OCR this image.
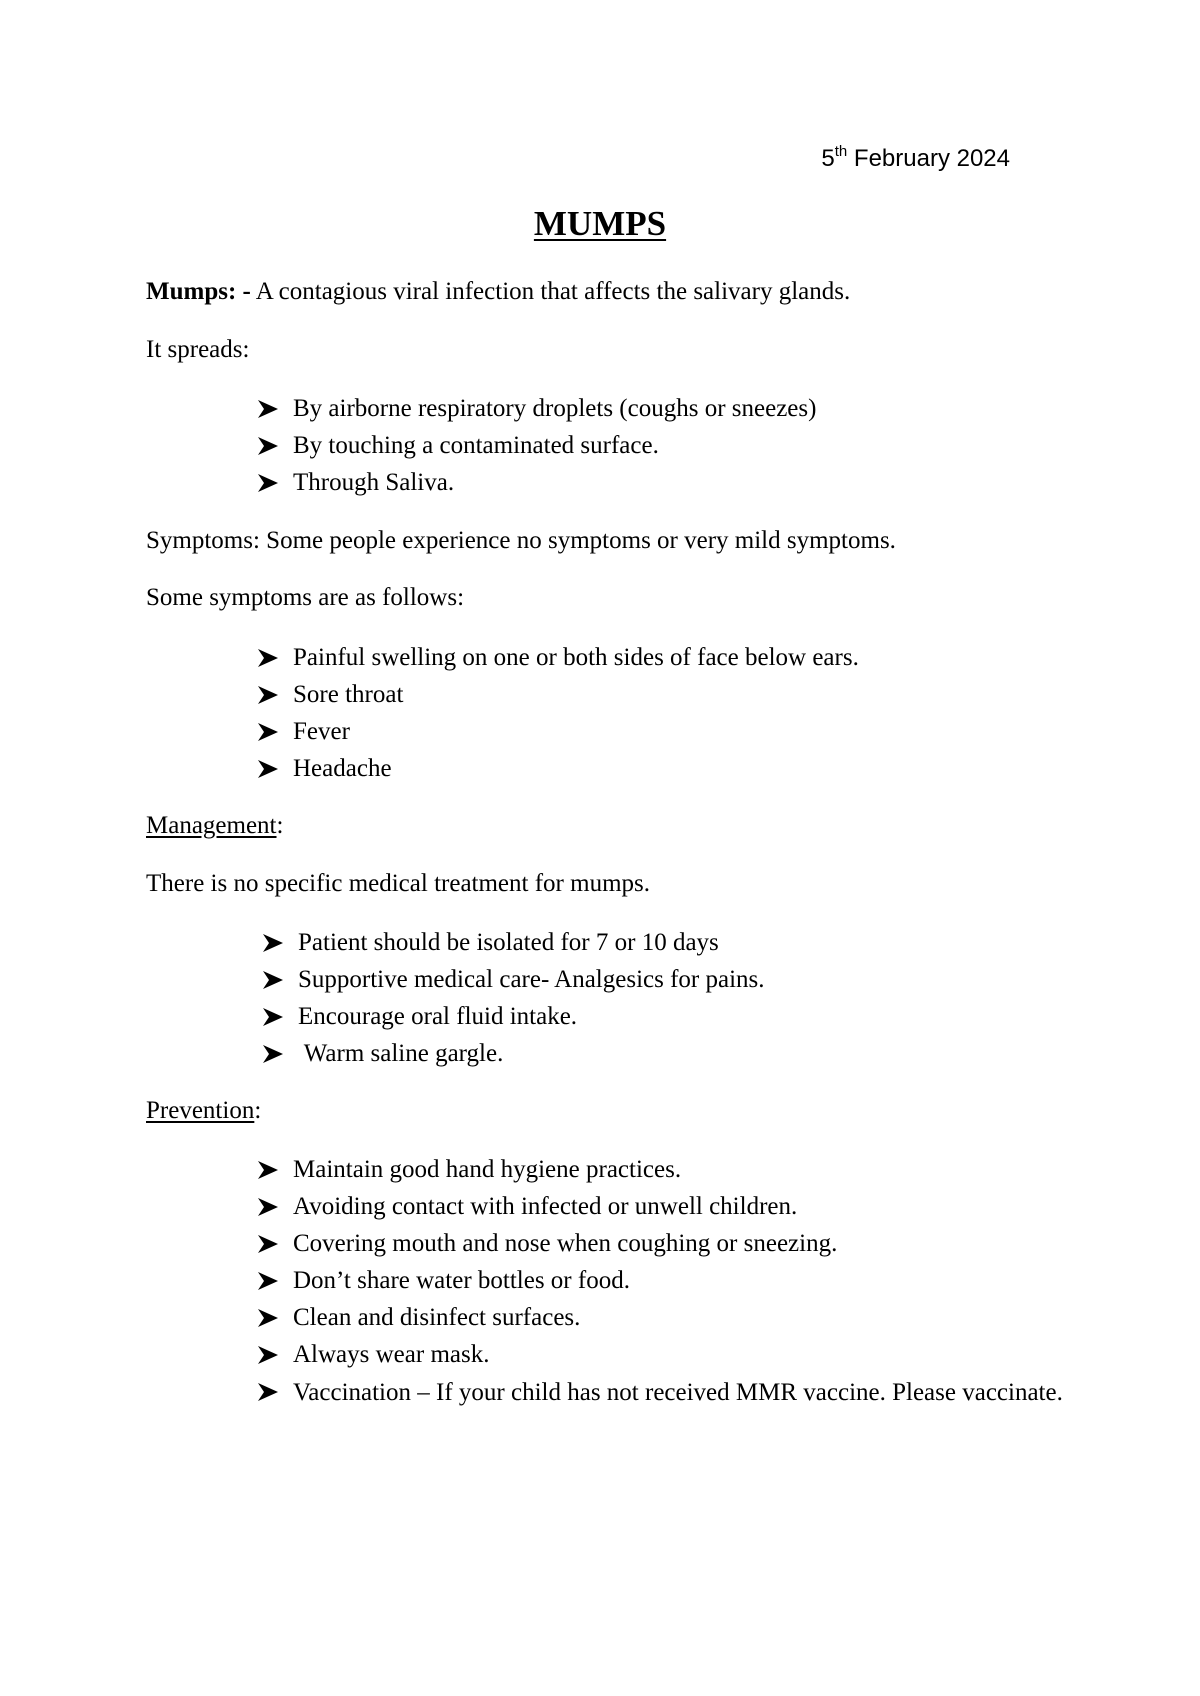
5th February 2024
MUMPS
Mumps: - A contagious viral infection that affects the salivary glands.
It spreads:
By airborne respiratory droplets (coughs or sneezes)
By touching a contaminated surface.
Through Saliva.
Symptoms: Some people experience no symptoms or very mild symptoms.
Some symptoms are as follows:
Painful swelling on one or both sides of face below ears.
Sore throat
Fever
Headache
Management:
There is no specific medical treatment for mumps.
Patient should be isolated for 7 or 10 days
Supportive medical care- Analgesics for pains.
Encourage oral fluid intake.
Warm saline gargle.
Prevention:
Maintain good hand hygiene practices.
Avoiding contact with infected or unwell children.
Covering mouth and nose when coughing or sneezing.
Don’t share water bottles or food.
Clean and disinfect surfaces.
Always wear mask.
Vaccination – If your child has not received MMR vaccine. Please vaccinate.
